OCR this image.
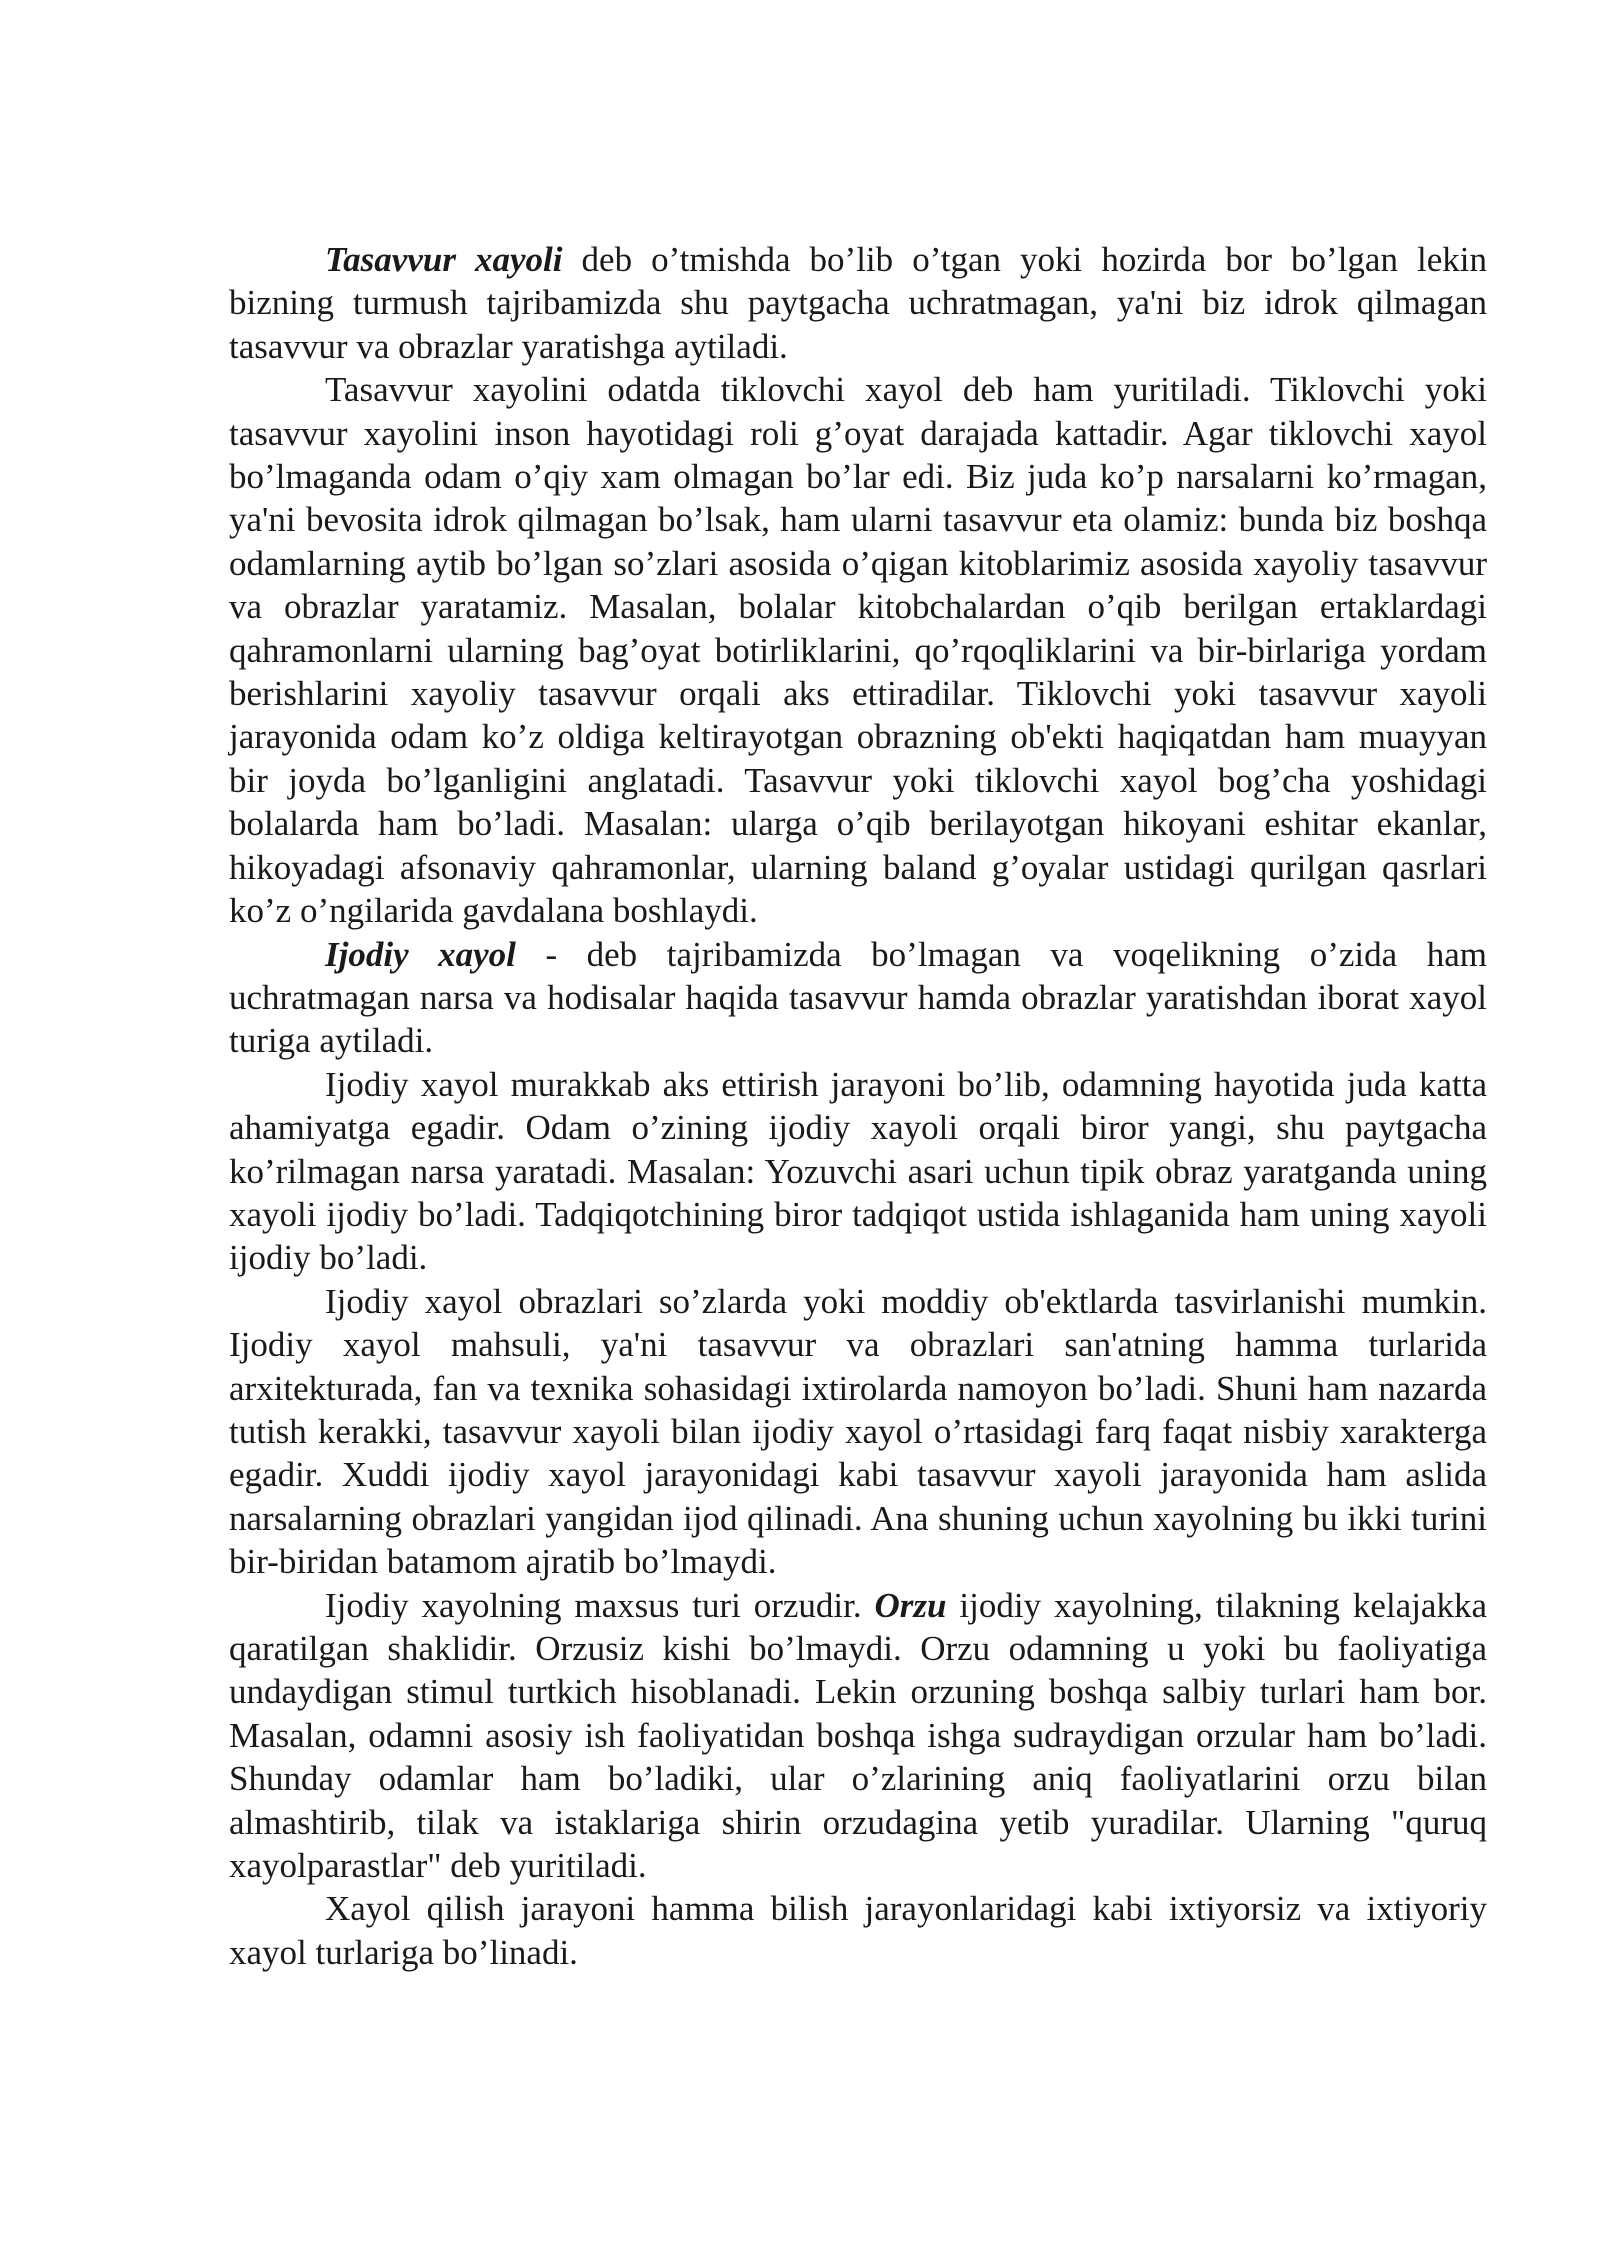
Tasavvur xayoli deb o’tmishda bo’lib o’tgan yoki hozirda bor bo’lgan lekin bizning turmush tajribamizda shu paytgacha uchratmagan, ya'ni biz idrok qilmagan tasavvur va obrazlar yaratishga aytiladi.

Tasavvur xayolini odatda tiklovchi xayol deb ham yuritiladi. Tiklovchi yoki tasavvur xayolini inson hayotidagi roli g’oyat darajada kattadir. Agar tiklovchi xayol bo’lmaganda odam o’qiy xam olmagan bo’lar edi. Biz juda ko’p narsalarni ko’rmagan, ya'ni bevosita idrok qilmagan bo’lsak, ham ularni tasavvur eta olamiz: bunda biz boshqa odamlarning aytib bo’lgan so’zlari asosida o’qigan kitoblarimiz asosida xayoliy tasavvur va obrazlar yaratamiz. Masalan, bolalar kitobchalardan o’qib berilgan ertaklardagi qahramonlarni ularning bag’oyat botirliklarini, qo’rqoqliklarini va bir-birlariga yordam berishlarini xayoliy tasavvur orqali aks ettiradilar. Tiklovchi yoki tasavvur xayoli jarayonida odam ko’z oldiga keltirayotgan obrazning ob'ekti haqiqatdan ham muayyan bir joyda bo’lganligini anglatadi. Tasavvur yoki tiklovchi xayol bog’cha yoshidagi bolalarda ham bo’ladi. Masalan: ularga o’qib berilayotgan hikoyani eshitar ekanlar, hikoyadagi afsonaviy qahramonlar, ularning baland g’oyalar ustidagi qurilgan qasrlari ko’z o’ngilarida gavdalana boshlaydi.

Ijodiy xayol - deb tajribamizda bo’lmagan va voqelikning o’zida ham uchratmagan narsa va hodisalar haqida tasavvur hamda obrazlar yaratishdan iborat xayol turiga aytiladi.

Ijodiy xayol murakkab aks ettirish jarayoni bo’lib, odamning hayotida juda katta ahamiyatga egadir. Odam o’zining ijodiy xayoli orqali biror yangi, shu paytgacha ko’rilmagan narsa yaratadi. Masalan: Yozuvchi asari uchun tipik obraz yaratganda uning xayoli ijodiy bo’ladi. Tadqiqotchining biror tadqiqot ustida ishlaganida ham uning xayoli ijodiy bo’ladi.

Ijodiy xayol obrazlari so’zlarda yoki moddiy ob'ektlarda tasvirlanishi mumkin. Ijodiy xayol mahsuli, ya'ni tasavvur va obrazlari san'atning hamma turlarida arxitekturada, fan va texnika sohasidagi ixtirolarda namoyon bo’ladi. Shuni ham nazarda tutish kerakki, tasavvur xayoli bilan ijodiy xayol o’rtasidagi farq faqat nisbiy xarakterga egadir. Xuddi ijodiy xayol jarayonidagi kabi tasavvur xayoli jarayonida ham aslida narsalarning obrazlari yangidan ijod qilinadi. Ana shuning uchun xayolning bu ikki turini bir-biridan batamom ajratib bo’lmaydi.

Ijodiy xayolning maxsus turi orzudir. Orzu ijodiy xayolning, tilakning kelajakka qaratilgan shaklidir. Orzusiz kishi bo’lmaydi. Orzu odamning u yoki bu faoliyatiga undaydigan stimul turtkich hisoblanadi. Lekin orzuning boshqa salbiy turlari ham bor. Masalan, odamni asosiy ish faoliyatidan boshqa ishga sudraydigan orzular ham bo’ladi. Shunday odamlar ham bo’ladiki, ular o’zlarining aniq faoliyatlarini orzu bilan almashtirib, tilak va istaklariga shirin orzudagina yetib yuradilar. Ularning "quruq xayolparastlar" deb yuritiladi.

Xayol qilish jarayoni hamma bilish jarayonlaridagi kabi ixtiyorsiz va ixtiyoriy xayol turlariga bo’linadi.
